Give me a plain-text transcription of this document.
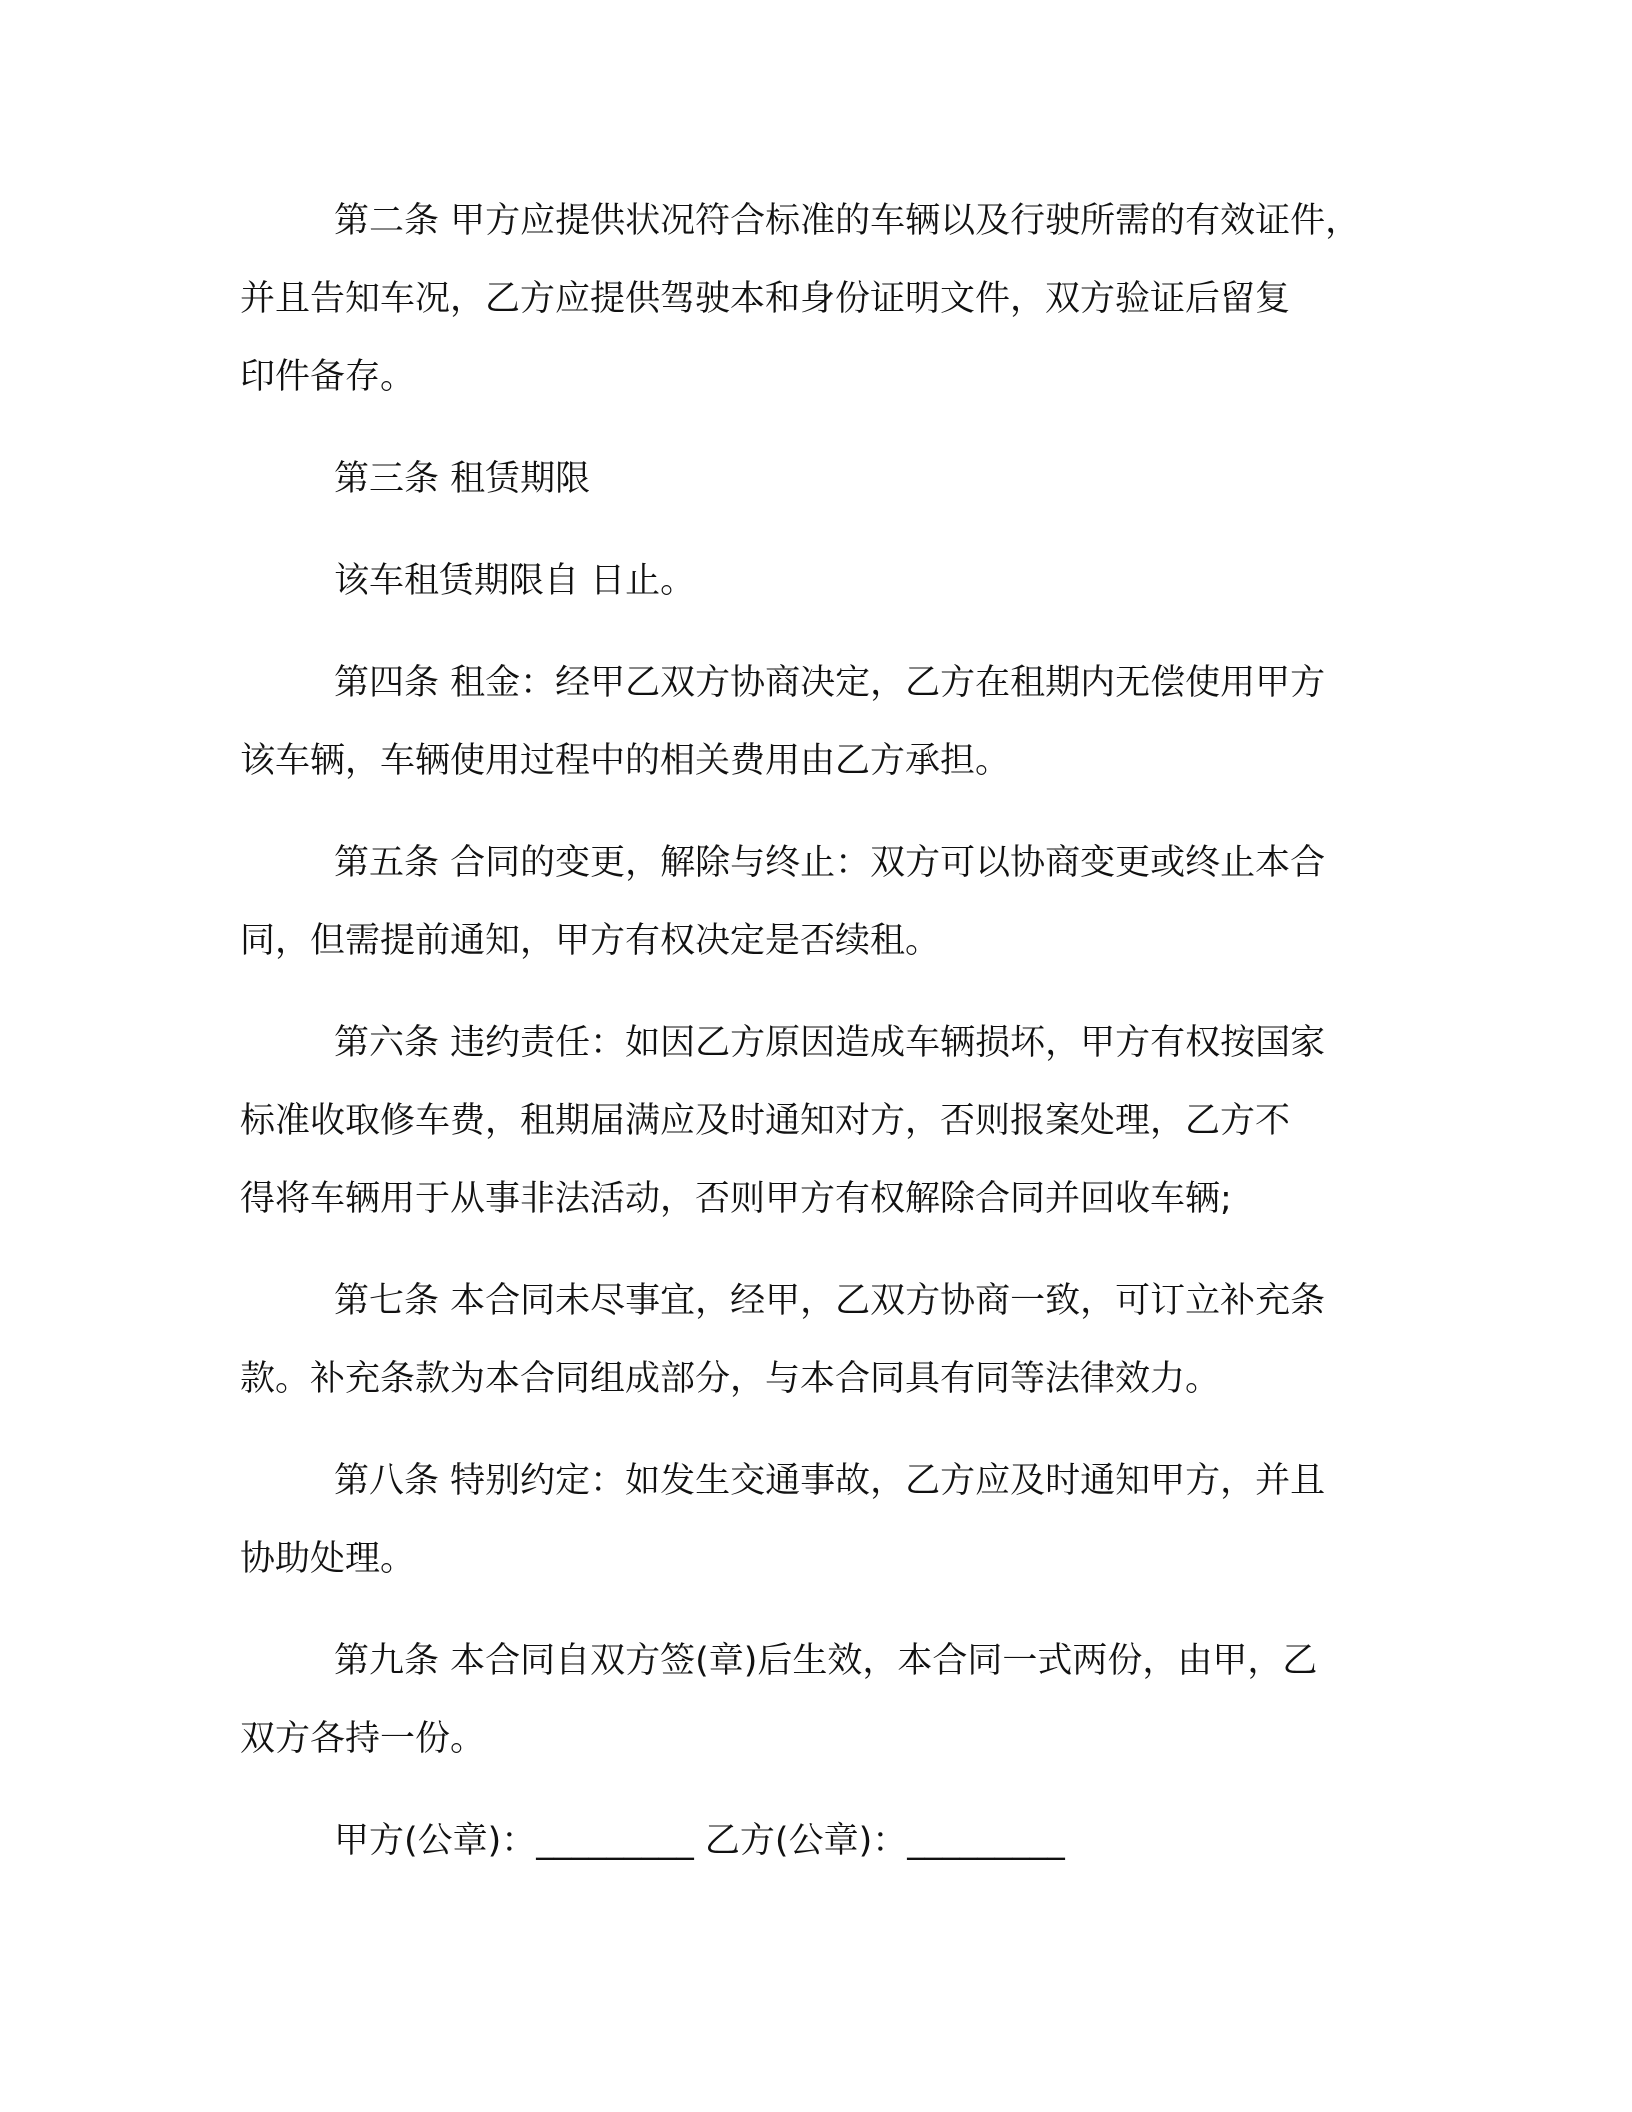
第二条 甲方应提供状况符合标准的车辆以及行驶所需的有效证件，
并且告知车况，乙方应提供驾驶本和身份证明文件，双方验证后留复
印件备存。
第三条 租赁期限
该车租赁期限自 日止。
第四条 租金：经甲乙双方协商决定，乙方在租期内无偿使用甲方
该车辆，车辆使用过程中的相关费用由乙方承担。
第五条 合同的变更，解除与终止：双方可以协商变更或终止本合
同，但需提前通知，甲方有权决定是否续租。
第六条 违约责任：如因乙方原因造成车辆损坏，甲方有权按国家
标准收取修车费，租期届满应及时通知对方，否则报案处理，乙方不
得将车辆用于从事非法活动，否则甲方有权解除合同并回收车辆;
第七条 本合同未尽事宜，经甲，乙双方协商一致，可订立补充条
款。补充条款为本合同组成部分，与本合同具有同等法律效力。
第八条 特别约定：如发生交通事故，乙方应及时通知甲方，并且
协助处理。
第九条 本合同自双方签(章)后生效，本合同一式两份，由甲，乙
双方各持一份。
甲方(公章)：_________ 乙方(公章)：_________
